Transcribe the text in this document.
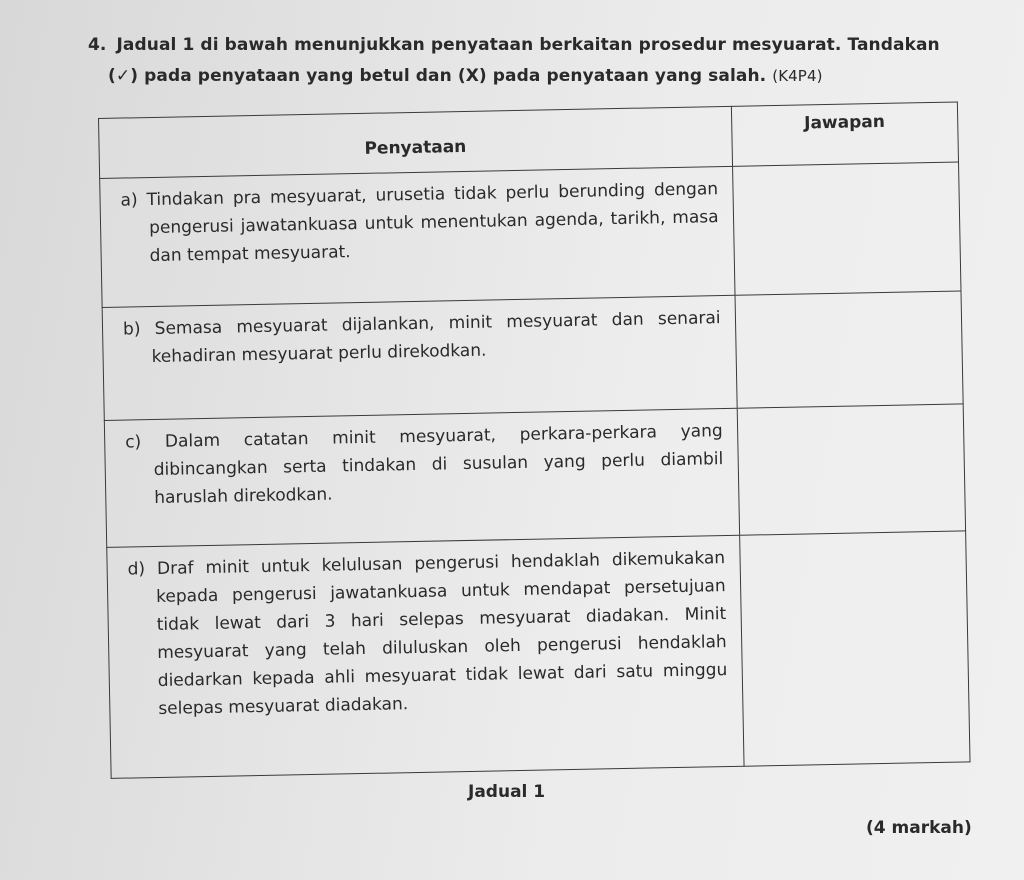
4. Jadual 1 di bawah menunjukkan penyataan berkaitan prosedur mesyuarat. Tandakan
(✓) pada penyataan yang betul dan (X) pada penyataan yang salah. (K4P4)
Penyataan	Jawapan
a) Tindakan pra mesyuarat, urusetia tidak perlu berunding dengan pengerusi jawatankuasa untuk menentukan agenda, tarikh, masa dan tempat mesyuarat.	
b) Semasa mesyuarat dijalankan, minit mesyuarat dan senarai kehadiran mesyuarat perlu direkodkan.	
c) Dalam catatan minit mesyuarat, perkara-perkara yang dibincangkan serta tindakan di susulan yang perlu diambil haruslah direkodkan.	
d) Draf minit untuk kelulusan pengerusi hendaklah dikemukakan kepada pengerusi jawatankuasa untuk mendapat persetujuan tidak lewat dari 3 hari selepas mesyuarat diadakan. Minit mesyuarat yang telah diluluskan oleh pengerusi hendaklah diedarkan kepada ahli mesyuarat tidak lewat dari satu minggu selepas mesyuarat diadakan.	
Jadual 1
(4 markah)
